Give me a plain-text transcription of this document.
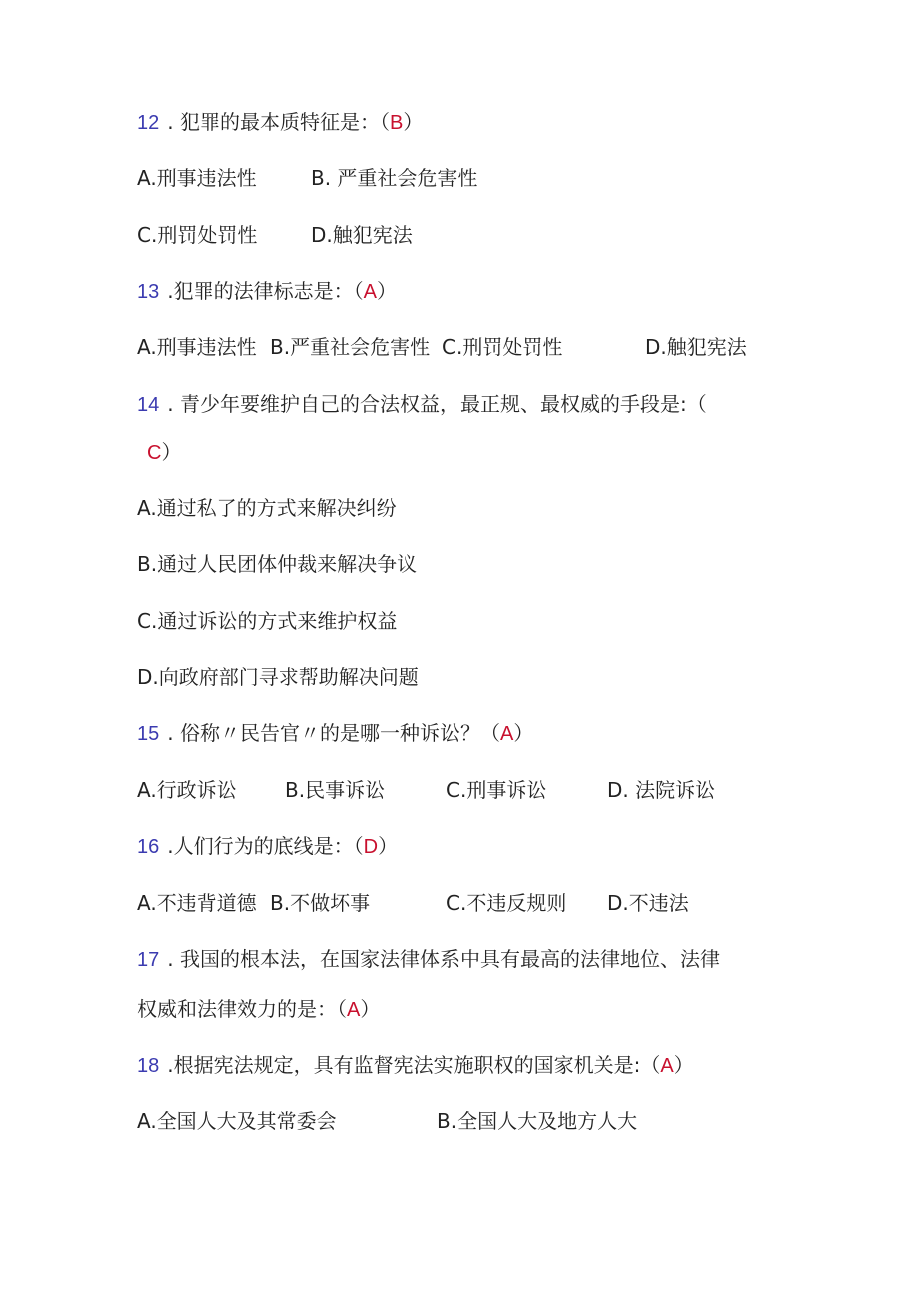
12 . 犯罪的最本质特征是：（B）
A.刑事违法性	B. 严重社会危害性
C.刑罚处罚性	D.触犯宪法
13 .犯罪的法律标志是：（A）
A.刑事违法性 B.严重社会危害性 C.刑罚处罚性	D.触犯宪法
14 . 青少年要维护自己的合法权益，最正规、最权威的手段是:（
C）
A.通过私了的方式来解决纠纷
B.通过人民团体仲裁来解决争议
C.通过诉讼的方式来维护权益
D.向政府部门寻求帮助解决问题
15 . 俗称〃民告官〃的是哪一种诉讼？（A）
A.行政诉讼 B.民事诉讼	C.刑事诉讼	D. 法院诉讼
16 .人们行为的底线是：（D）
A.不违背道德 B.不做坏事	C.不违反规则 D.不违法
17 . 我国的根本法，在国家法律体系中具有最高的法律地位、法律
权威和法律效力的是：（A）
18 .根据宪法规定，具有监督宪法实施职权的国家机关是:（A）
A.全国人大及其常委会	B.全国人大及地方人大
